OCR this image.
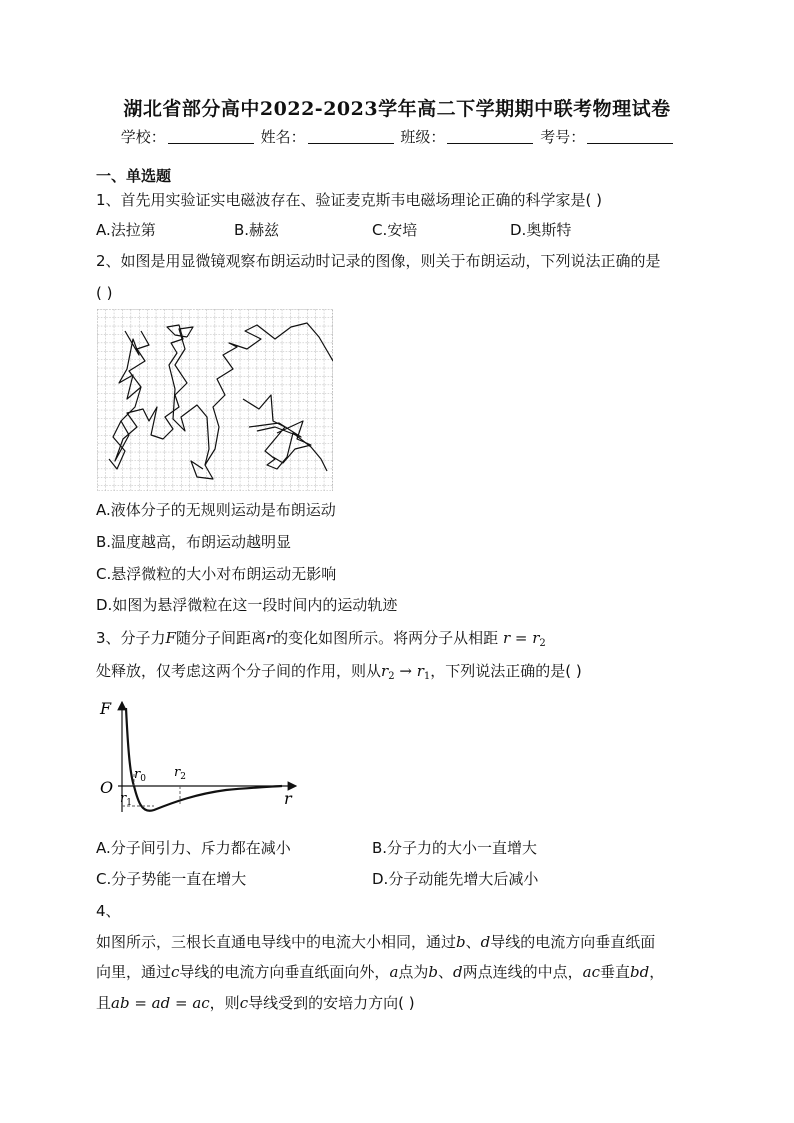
湖北省部分高中2022-2023学年高二下学期期中联考物理试卷
学校：	姓名：	班级：	考号：
一、单选题
1、首先用实验证实电磁波存在、验证麦克斯韦电磁场理论正确的科学家是( )
A.法拉第	B.赫兹	C.安培	D.奥斯特
2、如图是用显微镜观察布朗运动时记录的图像，则关于布朗运动，下列说法正确的是
( )
A.液体分子的无规则运动是布朗运动
B.温度越高，布朗运动越明显
C.悬浮微粒的大小对布朗运动无影响
D.如图为悬浮微粒在这一段时间内的运动轨迹
3、分子力F随分子间距离r的变化如图所示。将两分子从相距 $r = r_2$
处释放，仅考虑这两个分子间的作用，则从$r_2 \to r_1$，下列说法正确的是( )
F
O
r
$r_0$ $r_2$
$r_1$
A.分子间引力、斥力都在减小	B.分子力的大小一直增大
C.分子势能一直在增大	D.分子动能先增大后减小
4、
如图所示，三根长直通电导线中的电流大小相同，通过b、d导线的电流方向垂直纸面
向里，通过c导线的电流方向垂直纸面向外，a点为b、d两点连线的中点，ac垂直bd，
且ab = ad = ac，则c导线受到的安培力方向( )
